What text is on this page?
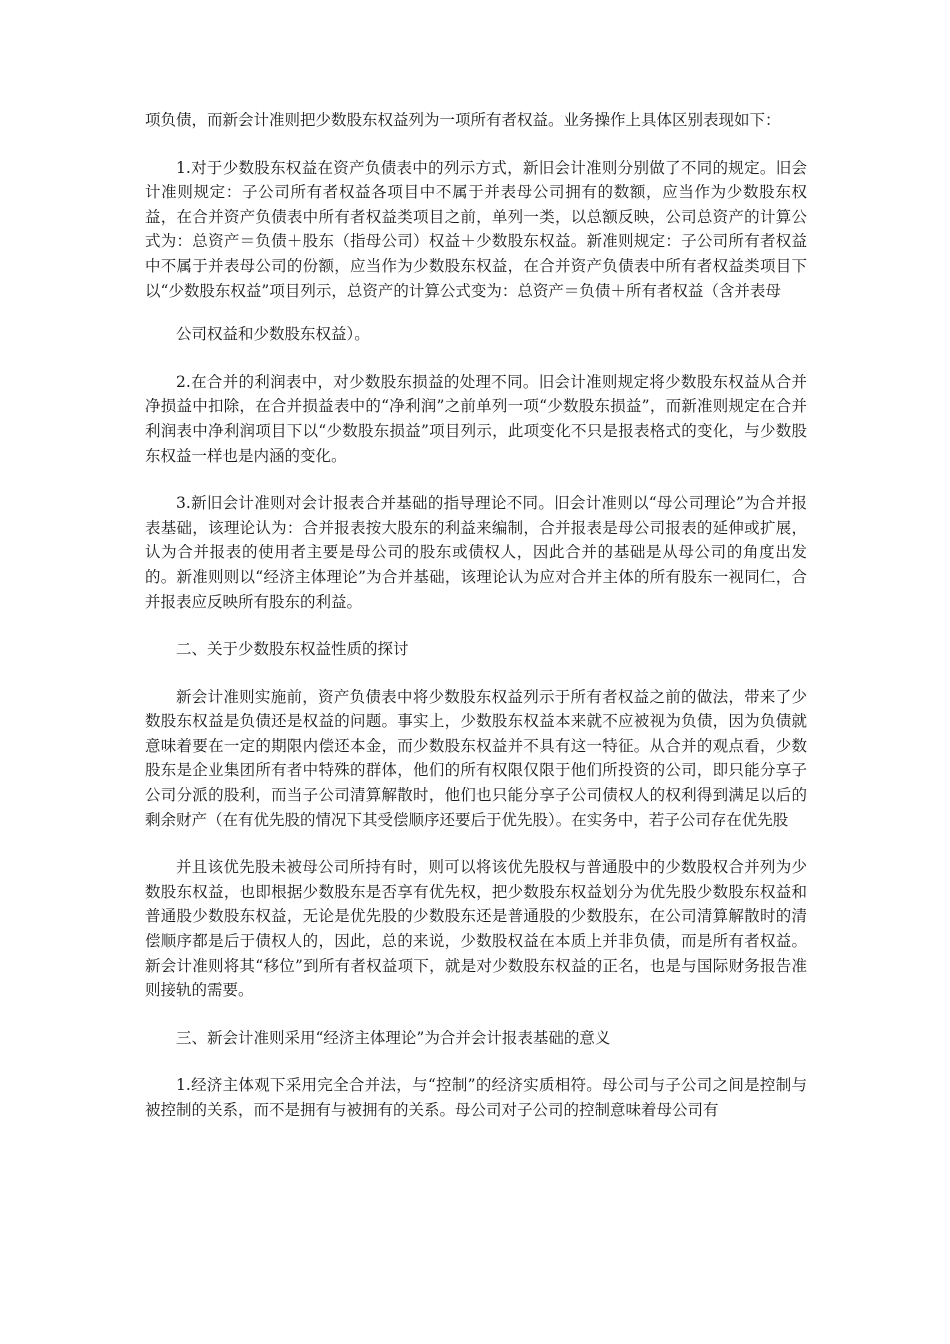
项负债，而新会计准则把少数股东权益列为一项所有者权益。业务操作上具体区别表现如下：

1.对于少数股东权益在资产负债表中的列示方式，新旧会计准则分别做了不同的规定。旧会计准则规定：子公司所有者权益各项目中不属于并表母公司拥有的数额，应当作为少数股东权益，在合并资产负债表中所有者权益类项目之前，单列一类，以总额反映，公司总资产的计算公式为：总资产＝负债＋股东（指母公司）权益＋少数股东权益。新准则规定：子公司所有者权益中不属于并表母公司的份额，应当作为少数股东权益，在合并资产负债表中所有者权益类项目下以“少数股东权益”项目列示，总资产的计算公式变为：总资产＝负债＋所有者权益（含并表母

公司权益和少数股东权益）。

2.在合并的利润表中，对少数股东损益的处理不同。旧会计准则规定将少数股东权益从合并净损益中扣除，在合并损益表中的“净利润”之前单列一项“少数股东损益”，而新准则规定在合并利润表中净利润项目下以“少数股东损益”项目列示，此项变化不只是报表格式的变化，与少数股东权益一样也是内涵的变化。

3.新旧会计准则对会计报表合并基础的指导理论不同。旧会计准则以“母公司理论”为合并报表基础，该理论认为：合并报表按大股东的利益来编制，合并报表是母公司报表的延伸或扩展，认为合并报表的使用者主要是母公司的股东或债权人，因此合并的基础是从母公司的角度出发的。新准则则以“经济主体理论”为合并基础，该理论认为应对合并主体的所有股东一视同仁，合并报表应反映所有股东的利益。

二、关于少数股东权益性质的探讨

新会计准则实施前，资产负债表中将少数股东权益列示于所有者权益之前的做法，带来了少数股东权益是负债还是权益的问题。事实上，少数股东权益本来就不应被视为负债，因为负债就意味着要在一定的期限内偿还本金，而少数股东权益并不具有这一特征。从合并的观点看，少数股东是企业集团所有者中特殊的群体，他们的所有权限仅限于他们所投资的公司，即只能分享子公司分派的股利，而当子公司清算解散时，他们也只能分享子公司债权人的权利得到满足以后的剩余财产（在有优先股的情况下其受偿顺序还要后于优先股）。在实务中，若子公司存在优先股

并且该优先股未被母公司所持有时，则可以将该优先股权与普通股中的少数股权合并列为少数股东权益，也即根据少数股东是否享有优先权，把少数股东权益划分为优先股少数股东权益和普通股少数股东权益，无论是优先股的少数股东还是普通股的少数股东，在公司清算解散时的清偿顺序都是后于债权人的，因此，总的来说，少数股权益在本质上并非负债，而是所有者权益。新会计准则将其“移位”到所有者权益项下，就是对少数股东权益的正名，也是与国际财务报告准则接轨的需要。

三、新会计准则采用“经济主体理论”为合并会计报表基础的意义

1.经济主体观下采用完全合并法，与“控制”的经济实质相符。母公司与子公司之间是控制与被控制的关系，而不是拥有与被拥有的关系。母公司对子公司的控制意味着母公司有
